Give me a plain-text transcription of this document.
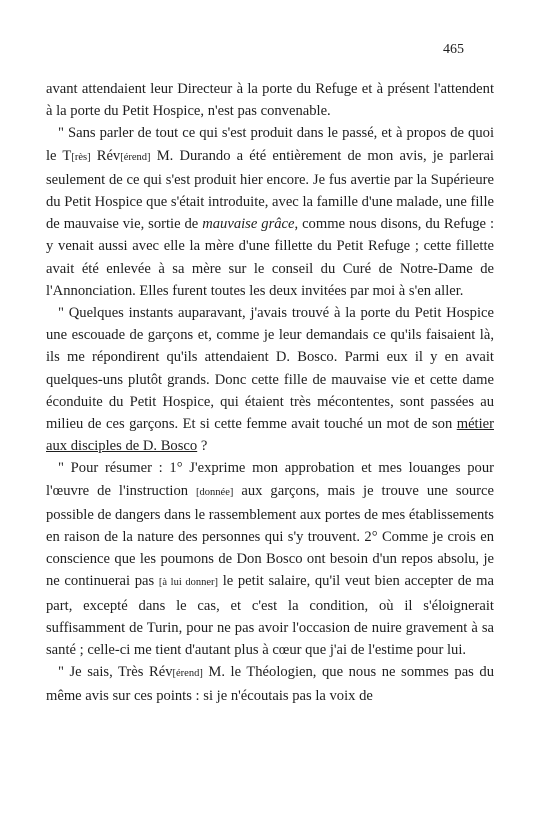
465

avant attendaient leur Directeur à la porte du Refuge et à présent l'attendent à la porte du Petit Hospice, n'est pas convenable.

" Sans parler de tout ce qui s'est produit dans le passé, et à propos de quoi le T[rès] Rév[érend] M. Durando a été entièrement de mon avis, je parlerai seulement de ce qui s'est produit hier encore. Je fus avertie par la Supérieure du Petit Hospice que s'était introduite, avec la famille d'une malade, une fille de mauvaise vie, sortie de mauvaise grâce, comme nous disons, du Refuge : y venait aussi avec elle la mère d'une fillette du Petit Refuge ; cette fillette avait été enlevée à sa mère sur le conseil du Curé de Notre-Dame de l'Annonciation. Elles furent toutes les deux invitées par moi à s'en aller.

" Quelques instants auparavant, j'avais trouvé à la porte du Petit Hospice une escouade de garçons et, comme je leur demandais ce qu'ils faisaient là, ils me répondirent qu'ils attendaient D. Bosco. Parmi eux il y en avait quelques-uns plutôt grands. Donc cette fille de mauvaise vie et cette dame éconduite du Petit Hospice, qui étaient très mécontentes, sont passées au milieu de ces garçons. Et si cette femme avait touché un mot de son métier aux disciples de D. Bosco ?

" Pour résumer : 1° J'exprime mon approbation et mes louanges pour l'œuvre de l'instruction [donnée] aux garçons, mais je trouve une source possible de dangers dans le rassemblement aux portes de mes établissements en raison de la nature des personnes qui s'y trouvent. 2° Comme je crois en conscience que les poumons de Don Bosco ont besoin d'un repos absolu, je ne continuerai pas [à lui donner] le petit salaire, qu'il veut bien accepter de ma part, excepté dans le cas, et c'est la condition, où il s'éloignerait suffisamment de Turin, pour ne pas avoir l'occasion de nuire gravement à sa santé ; celle-ci me tient d'autant plus à cœur que j'ai de l'estime pour lui.

" Je sais, Très Rév[érend] M. le Théologien, que nous ne sommes pas du même avis sur ces points : si je n'écoutais pas la voix de
